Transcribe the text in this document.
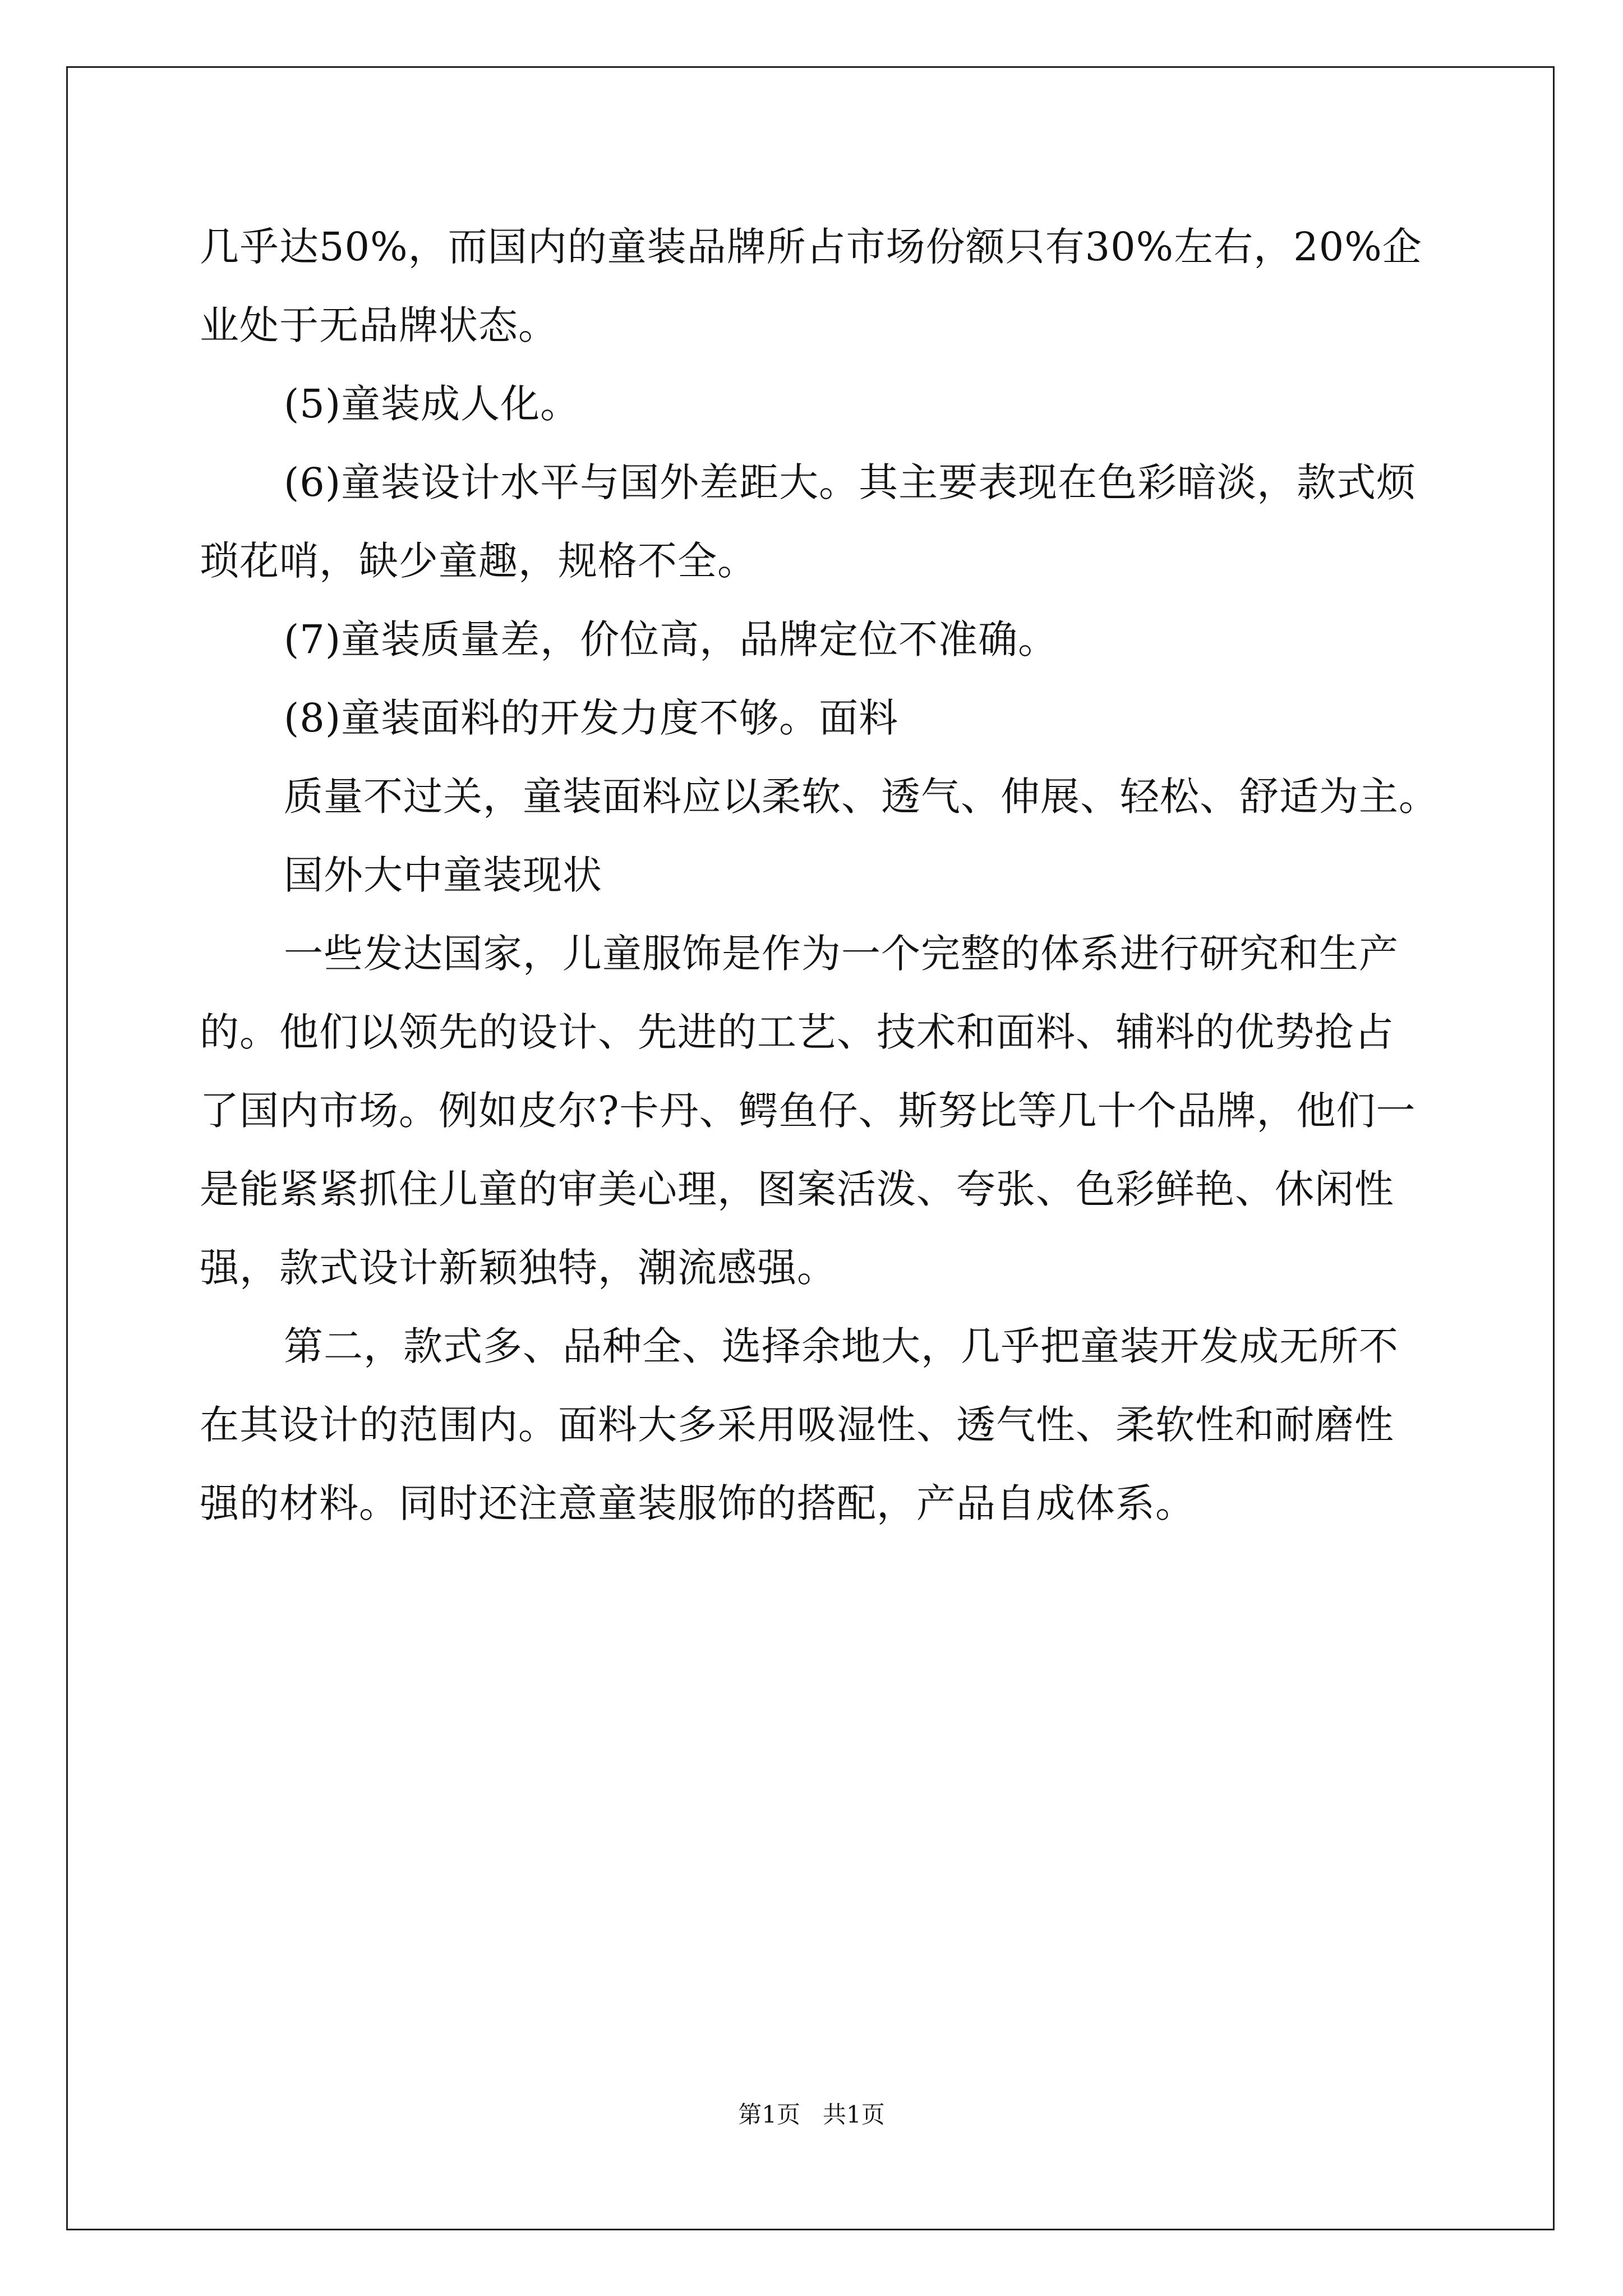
几乎达50%，而国内的童装品牌所占市场份额只有30%左右，20%企
业处于无品牌状态。
(5)童装成人化。
(6)童装设计水平与国外差距大。其主要表现在色彩暗淡，款式烦
琐花哨，缺少童趣，规格不全。
(7)童装质量差，价位高，品牌定位不准确。
(8)童装面料的开发力度不够。面料
质量不过关，童装面料应以柔软、透气、伸展、轻松、舒适为主。
国外大中童装现状
一些发达国家，儿童服饰是作为一个完整的体系进行研究和生产
的。他们以领先的设计、先进的工艺、技术和面料、辅料的优势抢占
了国内市场。例如皮尔?卡丹、鳄鱼仔、斯努比等几十个品牌，他们一
是能紧紧抓住儿童的审美心理，图案活泼、夸张、色彩鲜艳、休闲性
强，款式设计新颖独特，潮流感强。
第二，款式多、品种全、选择余地大，几乎把童装开发成无所不
在其设计的范围内。面料大多采用吸湿性、透气性、柔软性和耐磨性
强的材料。同时还注意童装服饰的搭配，产品自成体系。
第1页   共1页
